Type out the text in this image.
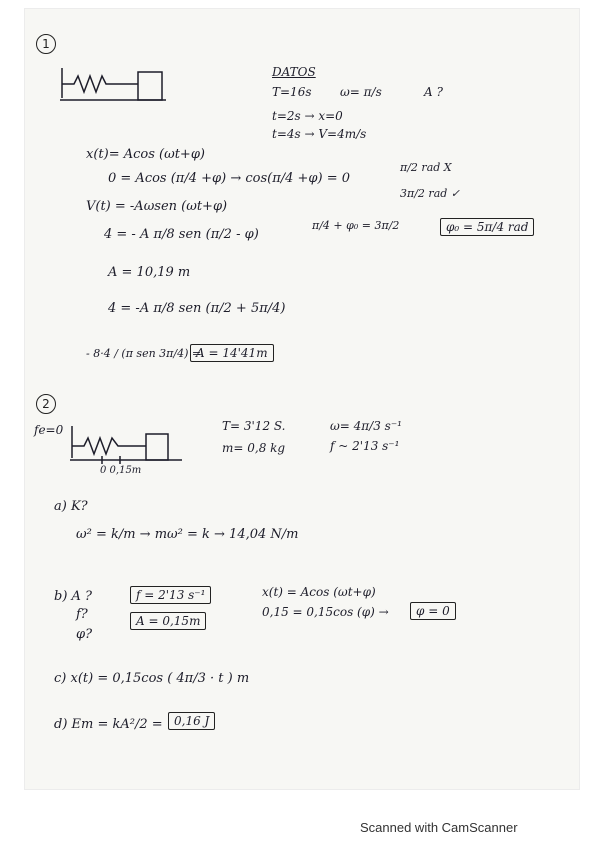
1
DATOS
T=16s ω= π/s	A ?
t=2s → x=0
t=4s → V=4m/s
x(t)= Acos (ωt+φ)
0 = Acos (π/4 +φ) → cos(π/4 +φ) = 0
π/2 rad X
3π/2 rad ✓
V(t) = -Aωsen (ωt+φ)
π/4 + φ₀ = 3π/2	φ₀ = 5π/4 rad
4 = - A π/8 sen (π/2 - φ)
A = 10,19 m
4 = -A π/8 sen (π/2 + 5π/4)
- 8·4 / (π sen 3π/4) =
A = 14'41m
2
fe=0
0 0,15m
T= 3'12 S.
m= 0,8 kg
ω= 4π/3 s⁻¹
f ~ 2'13 s⁻¹
a) K?
ω² = k/m → mω² = k → 14,04 N/m
b) A ?
f?
φ?
f = 2'13 s⁻¹
A = 0,15m
x(t) = Acos (ωt+φ)
0,15 = 0,15cos (φ) →	φ = 0
c) x(t) = 0,15cos ( 4π/3 · t ) m
d) Em = kA²/2 = 0,16 J
Scanned with CamScanner
